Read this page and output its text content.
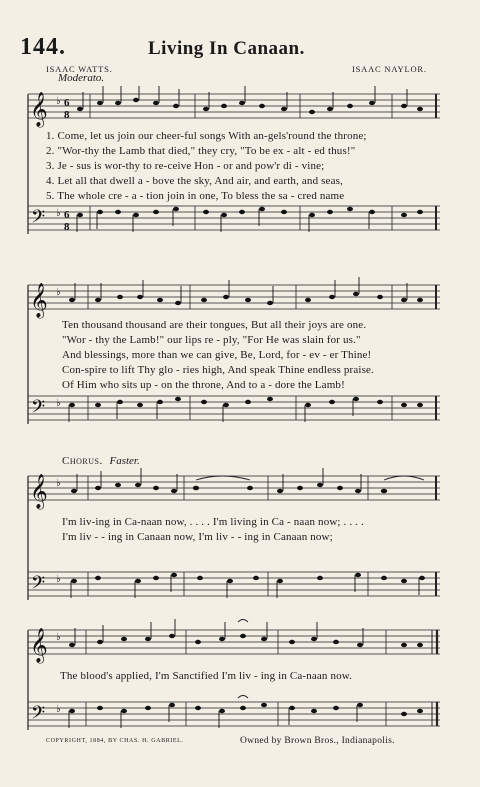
144.	Living In Canaan.
ISAAC WATTS.	ISAAC NAYLOR.
Moderato.
𝄞
𝄢
♭
♭
6
8
6
8
1. Come, let us join our cheer-ful songs With an-gels'round the throne;
2. "Wor-thy the Lamb that died," they cry, "To be ex - alt - ed thus!"
3. Je - sus is wor-thy to re-ceive Hon - or and pow'r di - vine;
4. Let all that dwell a - bove the sky, And air, and earth, and seas,
5. The whole cre - a - tion join in one, To bless the sa - cred name
𝄞
𝄢
♭
♭
Ten thousand thousand are their tongues, But all their joys are one.
"Wor - thy the Lamb!" our lips re - ply, "For He was slain for us."
And blessings, more than we can give, Be, Lord, for - ev - er Thine!
Con-spire to lift Thy glo - ries high, And speak Thine endless praise.
Of Him who sits up - on the throne, And to a - dore the Lamb!
Chorus. Faster.
𝄞
𝄢
♭
♭
I'm liv-ing in Ca-naan now, . . . . I'm living in Ca - naan now; . . . .
I'm liv - - ing in Canaan now, I'm liv - - ing in Canaan now;
𝄞
𝄢
♭
♭
The blood's applied, I'm Sanctified I'm liv - ing in Ca-naan now.
COPYRIGHT, 1884, BY CHAS. H. GABRIEL.	Owned by Brown Bros., Indianapolis.
